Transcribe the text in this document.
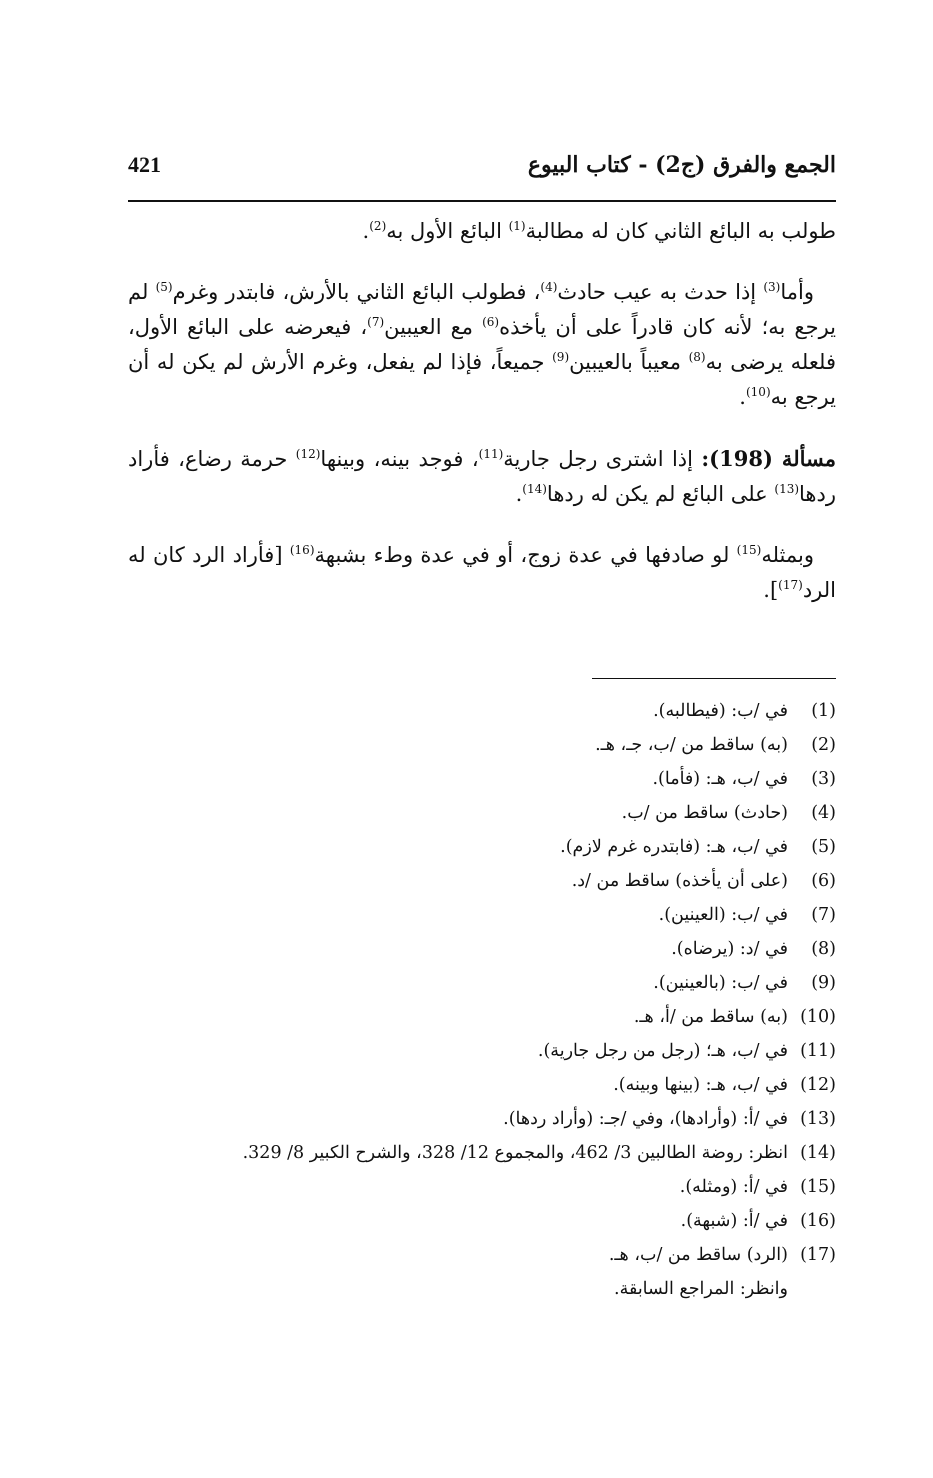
الجمع والفرق (ج2) - كتاب البيوع
421

طولب به البائع الثاني كان له مطالبة$^{(1)}$ البائع الأول به$^{(2)}$.

وأما$^{(3)}$ إذا حدث به عيب حادث$^{(4)}$، فطولب البائع الثاني بالأرش، فابتدر وغرم$^{(5)}$ لم يرجع به؛ لأنه كان قادراً على أن يأخذه$^{(6)}$ مع العيبين$^{(7)}$، فيعرضه على البائع الأول، فلعله يرضى به$^{(8)}$ معيباً بالعيبين$^{(9)}$ جميعاً، فإذا لم يفعل، وغرم الأرش لم يكن له أن يرجع به$^{(10)}$.

مسألة (198): إذا اشترى رجل جارية$^{(11)}$، فوجد بينه، وبينها$^{(12)}$ حرمة رضاع، فأراد ردها$^{(13)}$ على البائع لم يكن له ردها$^{(14)}$.

وبمثله$^{(15)}$ لو صادفها في عدة زوج، أو في عدة وطء بشبهة$^{(16)}$ [فأراد الرد كان له الرد$^{(17)}$].

(1)في /ب: (فيطالبه).
(2)(به) ساقط من /ب، جـ، هـ.
(3)في /ب، هـ: (فأما).
(4)(حادث) ساقط من /ب.
(5)في /ب، هـ: (فابتدره غرم لازم).
(6)(على أن يأخذه) ساقط من /د.
(7)في /ب: (العينين).
(8)في /د: (يرضاه).
(9)في /ب: (بالعينين).
(10)(به) ساقط من /أ، هـ.
(11)في /ب، هـ؛ (رجل من رجل جارية).
(12)في /ب، هـ: (بينها وبينه).
(13)في /أ: (وأرادها)، وفي /جـ: (وأراد ردها).
(14)انظر: روضة الطالبين 3/ 462، والمجموع 12/ 328، والشرح الكبير 8/ 329.
(15)في /أ: (ومثله).
(16)في /أ: (شبهة).
(17)(الرد) ساقط من /ب، هـ.
وانظر: المراجع السابقة.
